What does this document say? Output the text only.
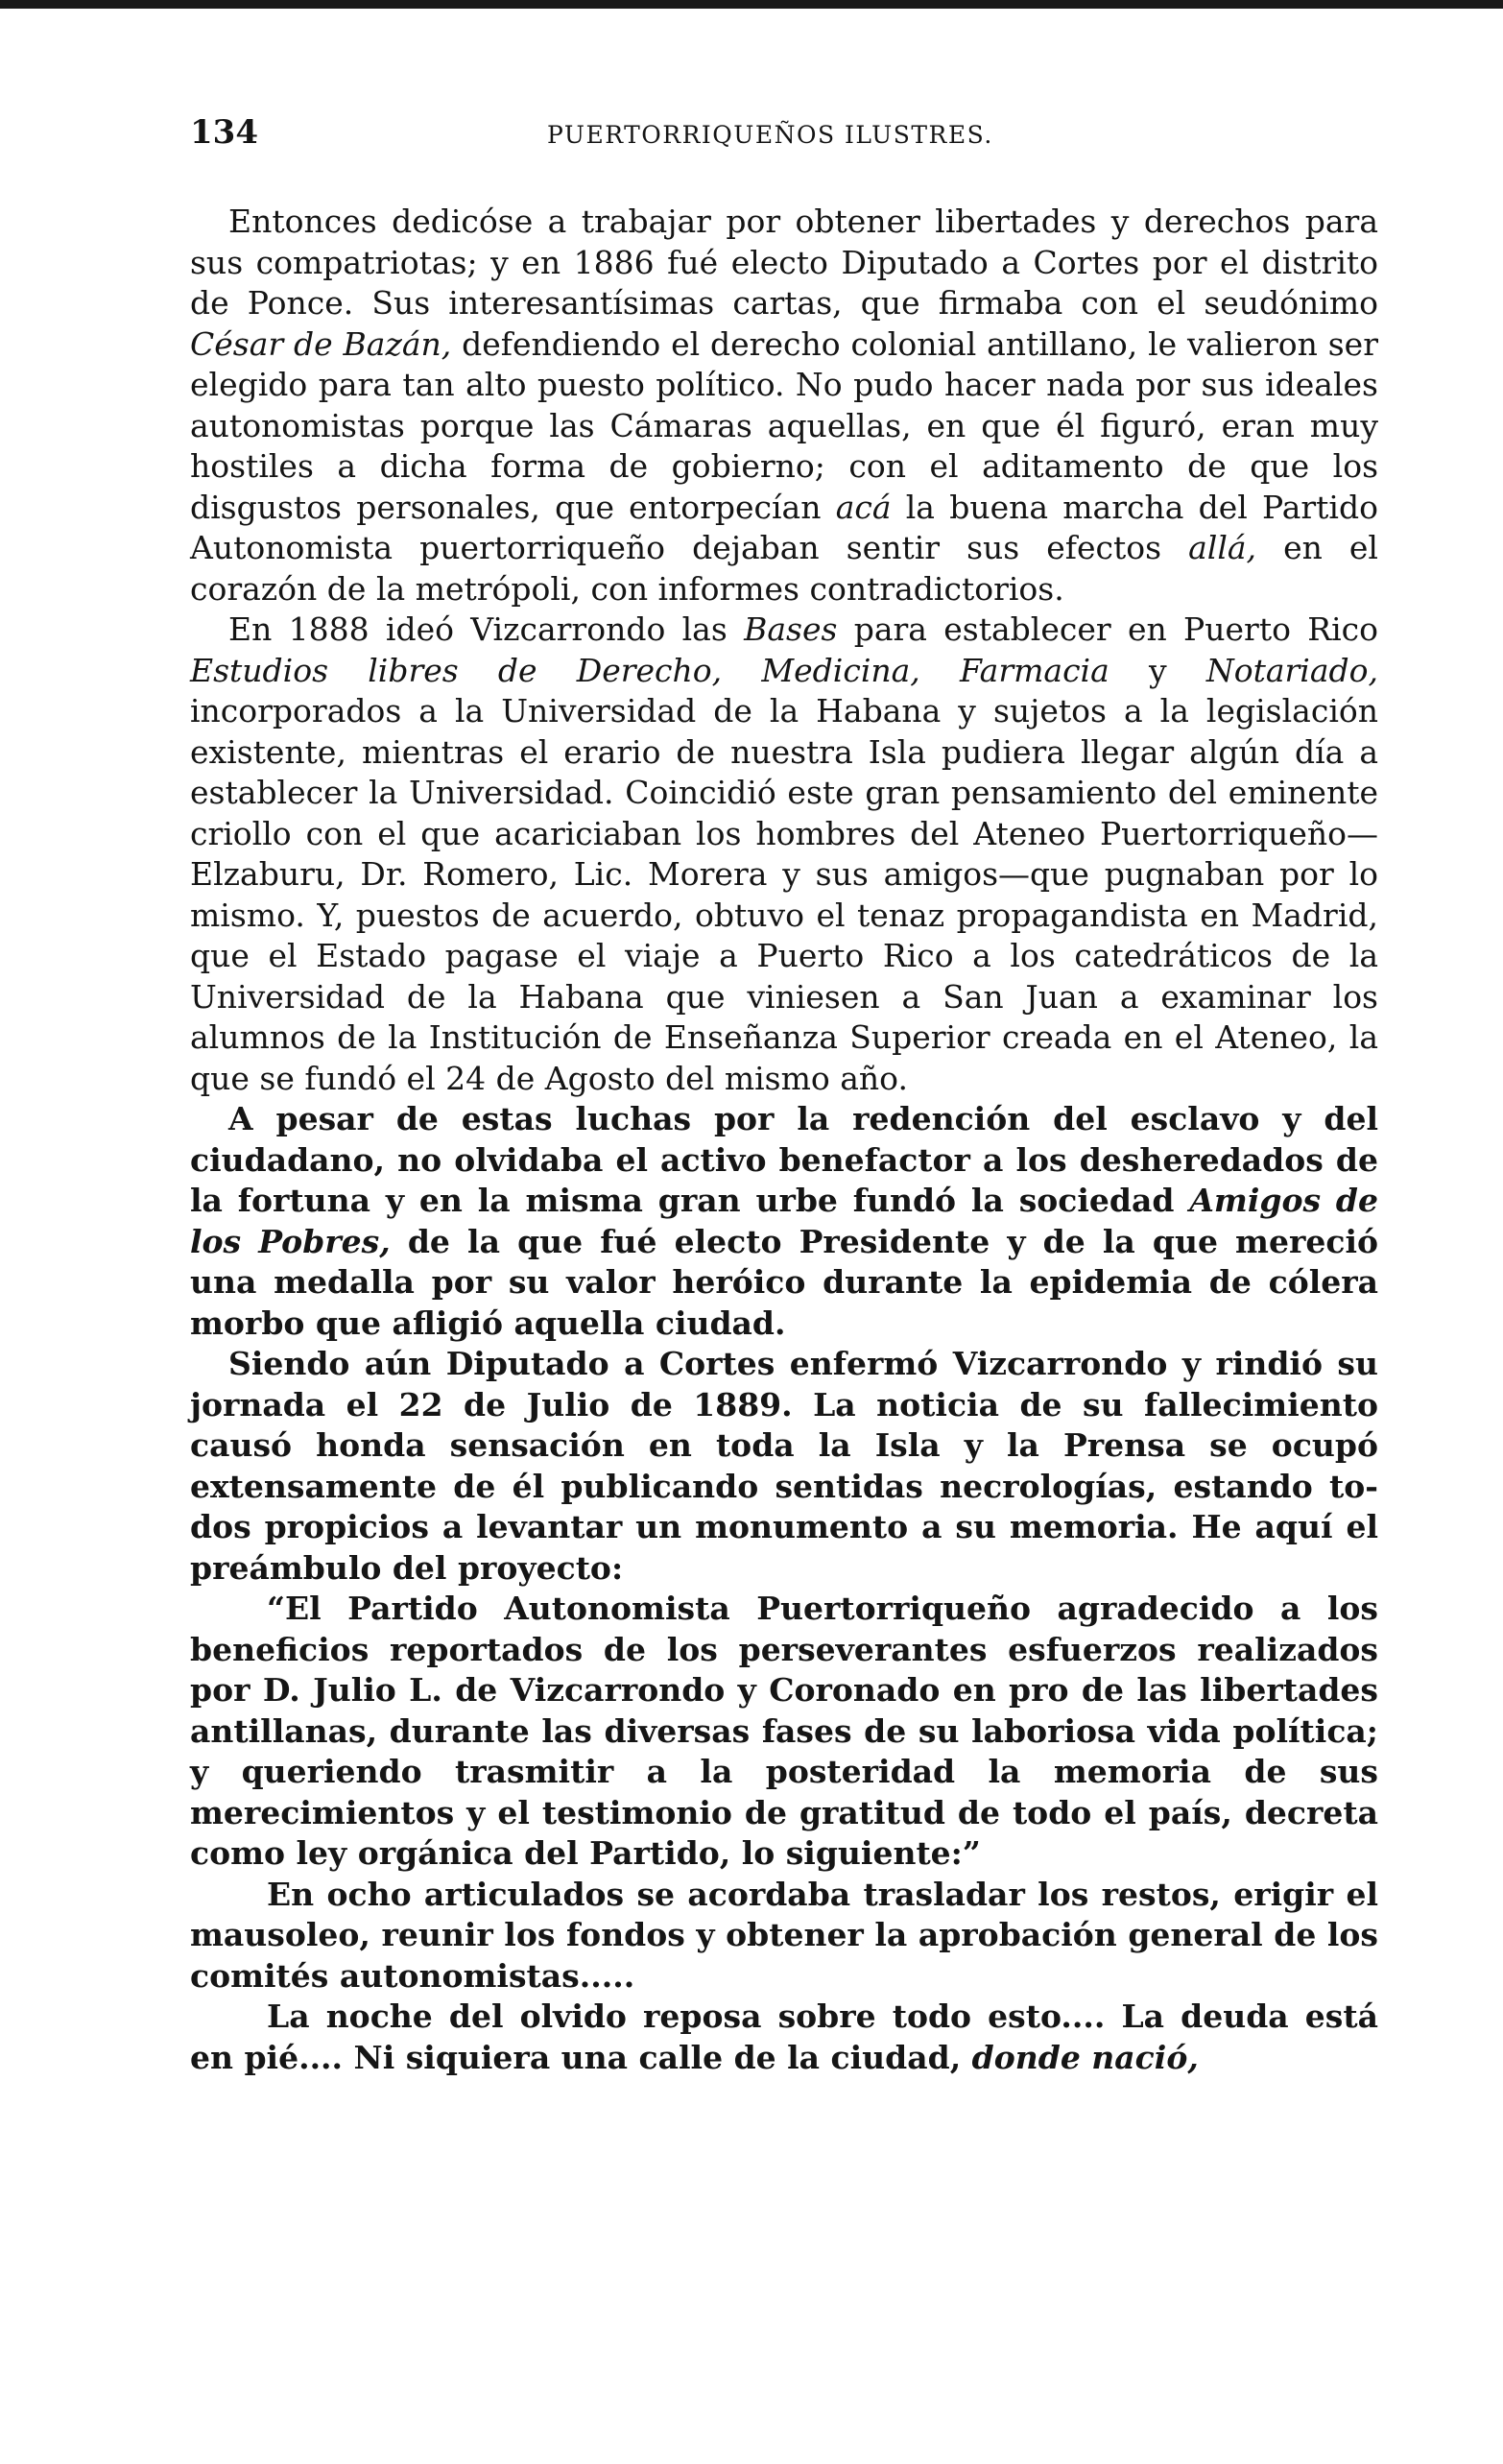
134	PUERTORRIQUEÑOS ILUSTRES.

Entonces dedicóse a trabajar por obtener libertades y derechos para sus compatriotas; y en 1886 fué electo Diputado a Cortes por el distrito de Ponce. Sus interesantísimas cartas, que firmaba con el seudónimo César de Bazán, defendiendo el derecho colonial antillano, le valieron ser elegido para tan alto puesto político. No pudo hacer nada por sus ideales autonomistas porque las Cámaras aquellas, en que él figuró, eran muy hostiles a dicha forma de gobierno; con el aditamento de que los disgustos personales, que entorpecían acá la buena marcha del Partido Autonomista puertorriqueño dejaban sentir sus efectos allá, en el corazón de la metrópoli, con informes contradictorios.

En 1888 ideó Vizcarrondo las Bases para establecer en Puerto Rico Estudios libres de Derecho, Medicina, Farmacia y Notariado, incorporados a la Universidad de la Habana y sujetos a la legislación existente, mientras el erario de nuestra Isla pudiera llegar algún día a establecer la Universidad. Coincidió este gran pensamiento del eminente criollo con el que acariciaban los hombres del Ateneo Puertorriqueño—Elzaburu, Dr. Romero, Lic. Morera y sus amigos—que pugnaban por lo mismo. Y, puestos de acuerdo, obtuvo el tenaz propagandista en Madrid, que el Estado pagase el viaje a Puerto Rico a los catedráticos de la Universidad de la Habana que viniesen a San Juan a examinar los alumnos de la Institución de Enseñanza Superior creada en el Ateneo, la que se fundó el 24 de Agosto del mismo año.

A pesar de estas luchas por la redención del esclavo y del ciudadano, no olvidaba el activo benefactor a los desheredados de la fortuna y en la misma gran urbe fundó la sociedad Amigos de los Pobres, de la que fué electo Presidente y de la que mereció una medalla por su valor heróico durante la epidemia de cólera morbo que afligió aquella ciudad.

Siendo aún Diputado a Cortes enfermó Vizcarrondo y rindió su jornada el 22 de Julio de 1889. La noticia de su fallecimiento causó honda sensación en toda la Isla y la Prensa se ocupó extensamente de él publicando sentidas necrologías, estando todos propicios a levantar un monumento a su memoria. He aquí el preámbulo del proyecto:

“El Partido Autonomista Puertorriqueño agradecido a los beneficios reportados de los perseverantes esfuerzos realizados por D. Julio L. de Vizcarrondo y Coronado en pro de las libertades antillanas, durante las diversas fases de su laboriosa vida política; y queriendo trasmitir a la posteridad la memoria de sus merecimientos y el testimonio de gratitud de todo el país, decreta como ley orgánica del Partido, lo siguiente:”

En ocho articulados se acordaba trasladar los restos, erigir el mausoleo, reunir los fondos y obtener la aprobación general de los comités autonomistas.....

La noche del olvido reposa sobre todo esto.... La deuda está en pié.... Ni siquiera una calle de la ciudad, donde nació,
